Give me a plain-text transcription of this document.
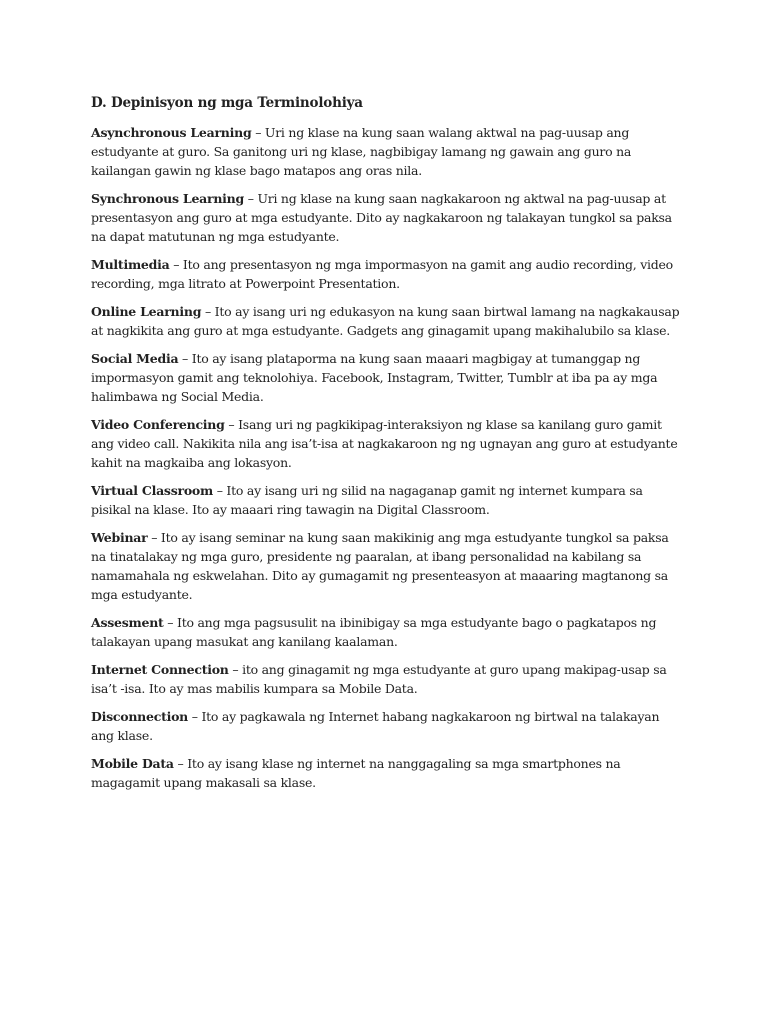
D. Depinisyon ng mga Terminolohiya

Asynchronous Learning – Uri ng klase na kung saan walang aktwal na pag-uusap ang estudyante at guro. Sa ganitong uri ng klase, nagbibigay lamang ng gawain ang guro na kailangan gawin ng klase bago matapos ang oras nila.

Synchronous Learning – Uri ng klase na kung saan nagkakaroon ng aktwal na pag-uusap at presentasyon ang guro at mga estudyante. Dito ay nagkakaroon ng talakayan tungkol sa paksa na dapat matutunan ng mga estudyante.

Multimedia – Ito ang presentasyon ng mga impormasyon na gamit ang audio recording, video recording, mga litrato at Powerpoint Presentation.

Online Learning – Ito ay isang uri ng edukasyon na kung saan birtwal lamang na nagkakausap at nagkikita ang guro at mga estudyante. Gadgets ang ginagamit upang makihalubilo sa klase.

Social Media – Ito ay isang plataporma na kung saan maaari magbigay at tumanggap ng impormasyon gamit ang teknolohiya. Facebook, Instagram, Twitter, Tumblr at iba pa ay mga halimbawa ng Social Media.

Video Conferencing – Isang uri ng pagkikipag-interaksiyon ng klase sa kanilang guro gamit ang video call. Nakikita nila ang isa’t-isa at nagkakaroon ng ng ugnayan ang guro at estudyante kahit na magkaiba ang lokasyon.

Virtual Classroom – Ito ay isang uri ng silid na nagaganap gamit ng internet kumpara sa pisikal na klase. Ito ay maaari ring tawagin na Digital Classroom.

Webinar – Ito ay isang seminar na kung saan makikinig ang mga estudyante tungkol sa paksa na tinatalakay ng mga guro, presidente ng paaralan, at ibang personalidad na kabilang sa namamahala ng eskwelahan. Dito ay gumagamit ng presenteasyon at maaaring magtanong sa mga estudyante.

Assesment – Ito ang mga pagsusulit na ibinibigay sa mga estudyante bago o pagkatapos ng talakayan upang masukat ang kanilang kaalaman.

Internet Connection – ito ang ginagamit ng mga estudyante at guro upang makipag-usap sa isa’t -isa. Ito ay mas mabilis kumpara sa Mobile Data.

Disconnection – Ito ay pagkawala ng Internet habang nagkakaroon ng birtwal na talakayan ang klase.

Mobile Data – Ito ay isang klase ng internet na nanggagaling sa mga smartphones na magagamit upang makasali sa klase.
